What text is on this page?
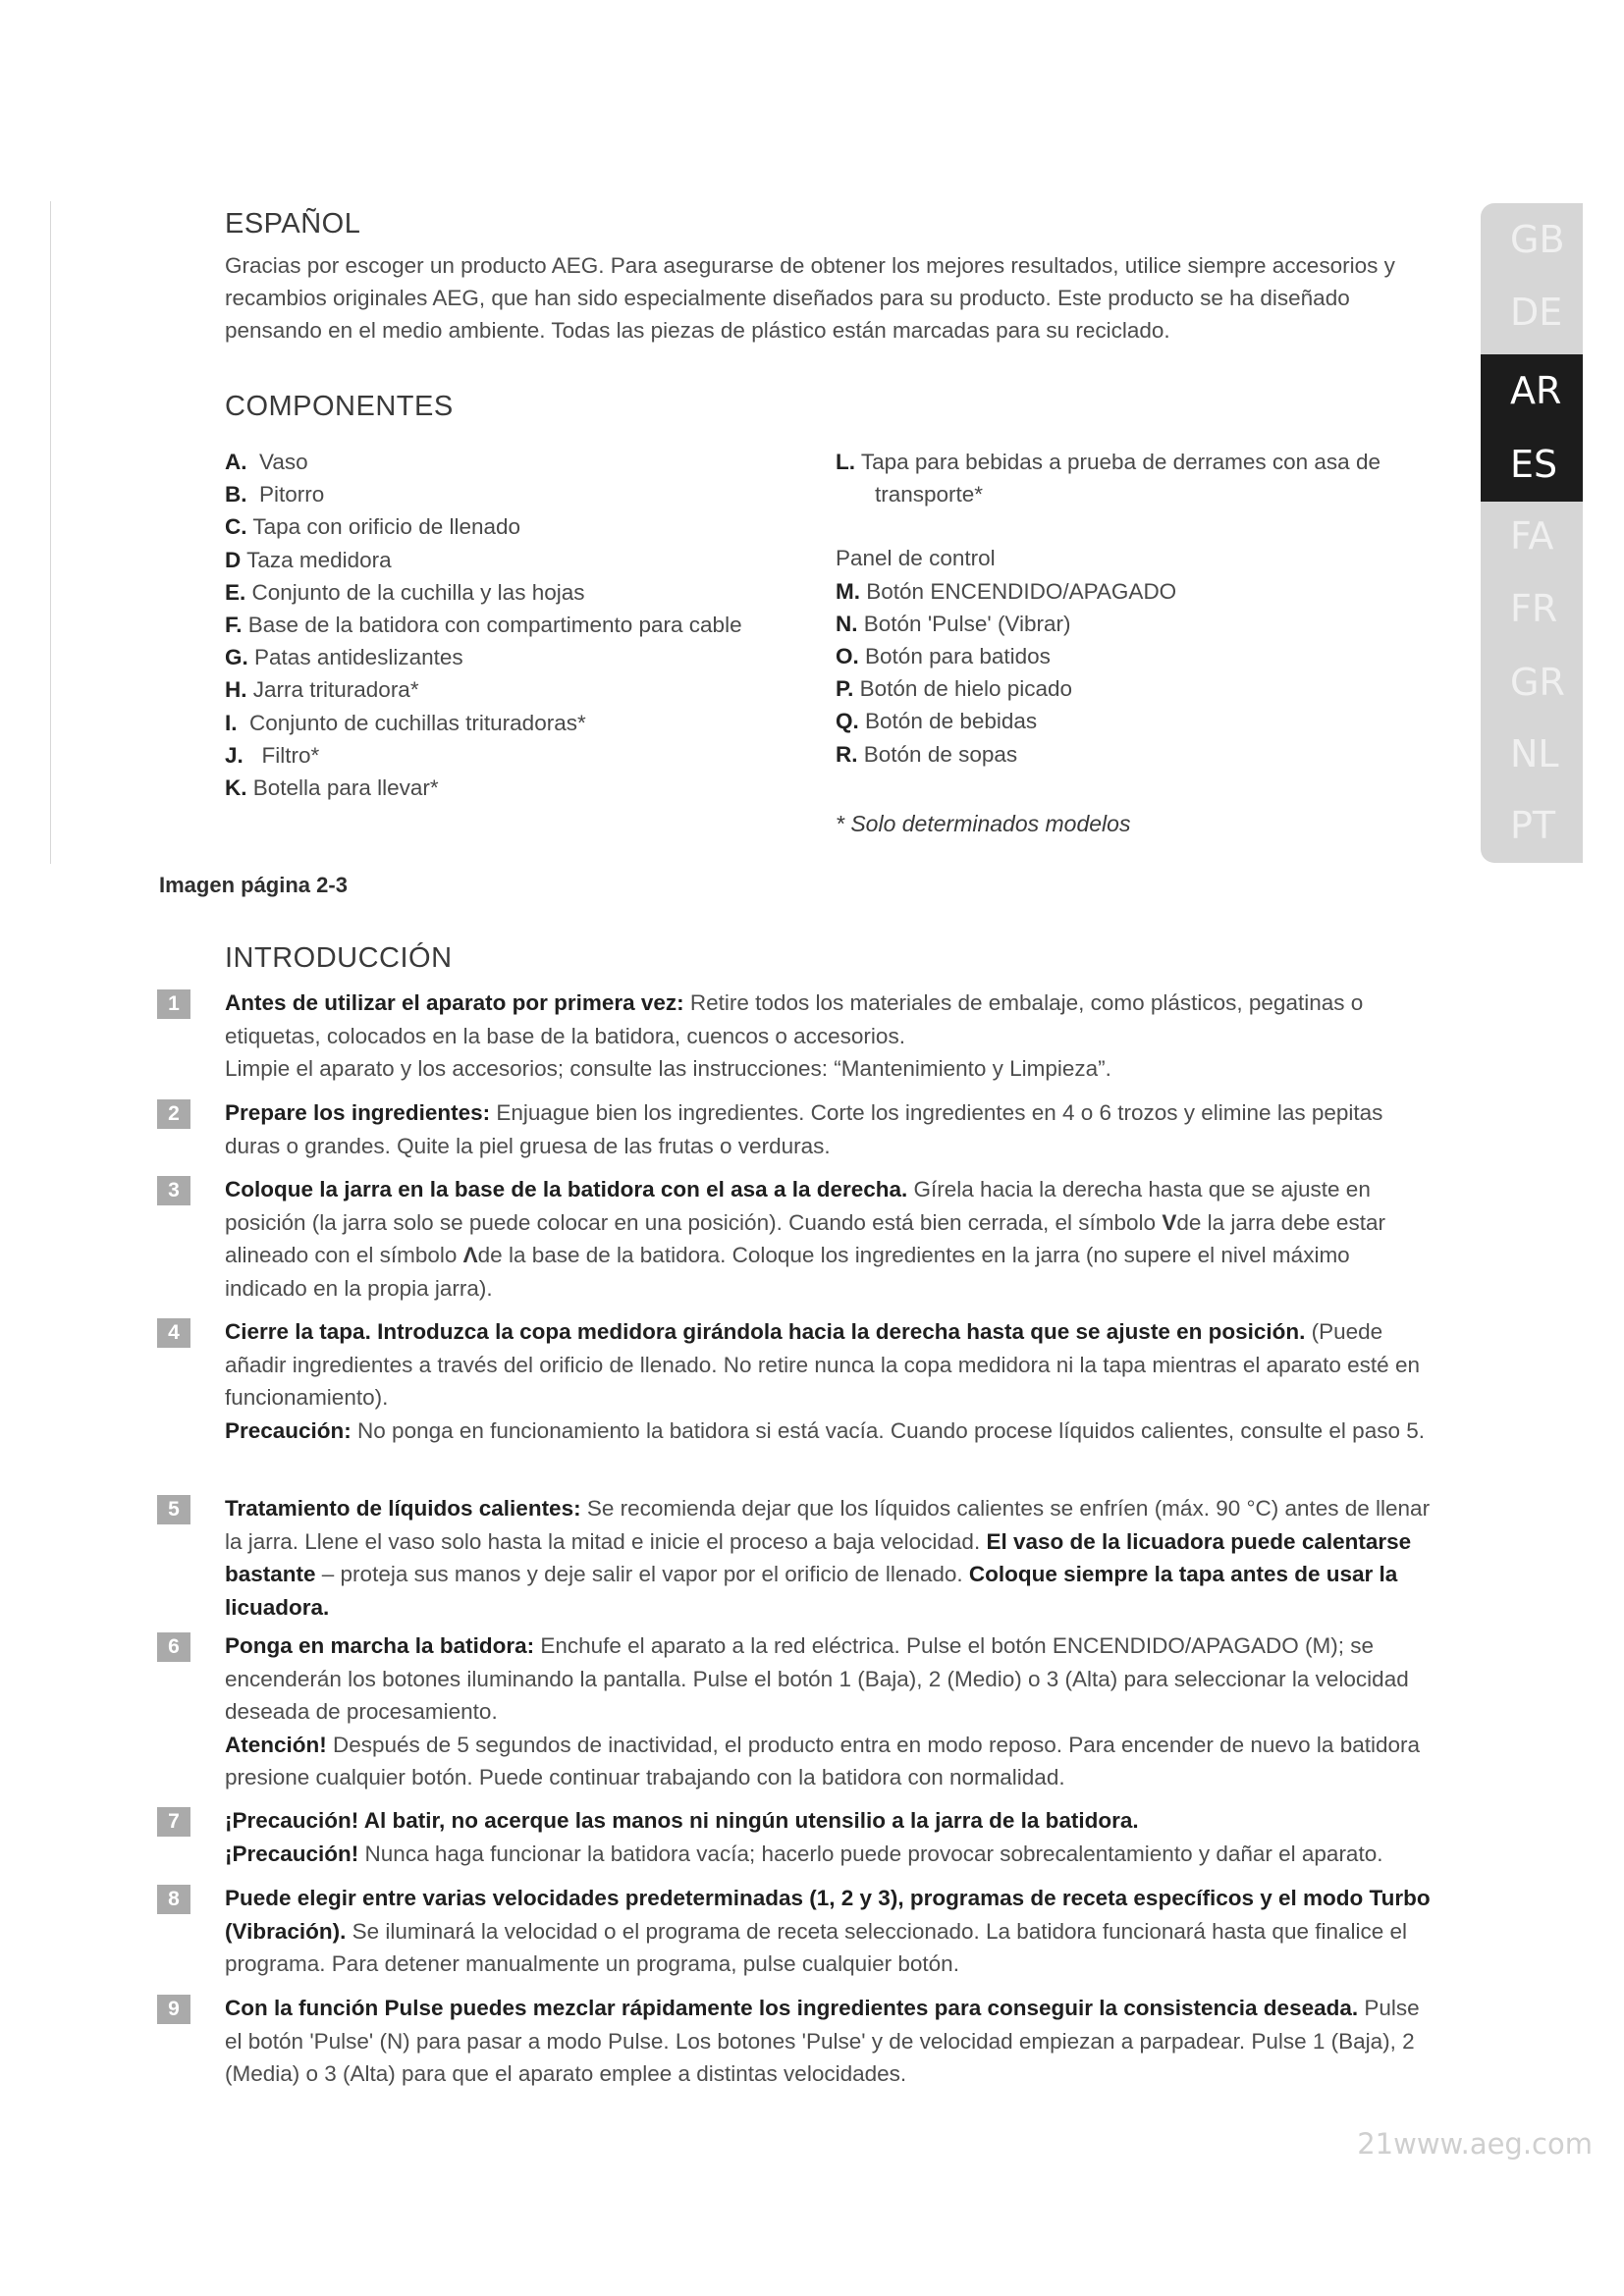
GB
DE
AR
ES
FA
FR
GR
NL
PT
ESPAÑOL
Gracias por escoger un producto AEG. Para asegurarse de obtener los mejores resultados, utilice siempre accesorios y recambios originales AEG, que han sido especialmente diseñados para su producto. Este producto se ha diseñado pensando en el medio ambiente. Todas las piezas de plástico están marcadas para su reciclado.
COMPONENTES
A. Vaso
B. Pitorro
C. Tapa con orificio de llenado
D Taza medidora
E. Conjunto de la cuchilla y las hojas
F. Base de la batidora con compartimento para cable
G. Patas antideslizantes
H. Jarra trituradora*
I. Conjunto de cuchillas trituradoras*
J. Filtro*
K. Botella para llevar*
L. Tapa para bebidas a prueba de derrames con asa de
transporte*
Panel de control
M. Botón ENCENDIDO/APAGADO
N. Botón 'Pulse' (Vibrar)
O. Botón para batidos
P. Botón de hielo picado
Q. Botón de bebidas
R. Botón de sopas
* Solo determinados modelos
Imagen página 2-3
INTRODUCCIÓN
1	Antes de utilizar el aparato por primera vez: Retire todos los materiales de embalaje, como plásticos, pegatinas o etiquetas, colocados en la base de la batidora, cuencos o accesorios.
Limpie el aparato y los accesorios; consulte las instrucciones: “Mantenimiento y Limpieza”.
2	Prepare los ingredientes: Enjuague bien los ingredientes. Corte los ingredientes en 4 o 6 trozos y elimine las pepitas duras o grandes. Quite la piel gruesa de las frutas o verduras.
3	Coloque la jarra en la base de la batidora con el asa a la derecha. Gírela hacia la derecha hasta que se ajuste en posición (la jarra solo se puede colocar en una posición). Cuando está bien cerrada, el símbolo Vde la jarra debe estar alineado con el símbolo Λde la base de la batidora. Coloque los ingredientes en la jarra (no supere el nivel máximo indicado en la propia jarra).
4	Cierre la tapa. Introduzca la copa medidora girándola hacia la derecha hasta que se ajuste en posición. (Puede añadir ingredientes a través del orificio de llenado. No retire nunca la copa medidora ni la tapa mientras el aparato esté en funcionamiento).
Precaución: No ponga en funcionamiento la batidora si está vacía. Cuando procese líquidos calientes, consulte el paso 5.
5	Tratamiento de líquidos calientes: Se recomienda dejar que los líquidos calientes se enfríen (máx. 90 °C) antes de llenar la jarra. Llene el vaso solo hasta la mitad e inicie el proceso a baja velocidad. El vaso de la licuadora puede calentarse bastante – proteja sus manos y deje salir el vapor por el orificio de llenado. Coloque siempre la tapa antes de usar la licuadora.
6	Ponga en marcha la batidora: Enchufe el aparato a la red eléctrica. Pulse el botón ENCENDIDO/APAGADO (M); se encenderán los botones iluminando la pantalla. Pulse el botón 1 (Baja), 2 (Medio) o 3 (Alta) para seleccionar la velocidad deseada de procesamiento.
Atención! Después de 5 segundos de inactividad, el producto entra en modo reposo. Para encender de nuevo la batidora presione cualquier botón. Puede continuar trabajando con la batidora con normalidad.
7	¡Precaución! Al batir, no acerque las manos ni ningún utensilio a la jarra de la batidora.
¡Precaución! Nunca haga funcionar la batidora vacía; hacerlo puede provocar sobrecalentamiento y dañar el aparato.
8	Puede elegir entre varias velocidades predeterminadas (1, 2 y 3), programas de receta específicos y el modo Turbo (Vibración). Se iluminará la velocidad o el programa de receta seleccionado. La batidora funcionará hasta que finalice el programa. Para detener manualmente un programa, pulse cualquier botón.
9	Con la función Pulse puedes mezclar rápidamente los ingredientes para conseguir la consistencia deseada. Pulse el botón 'Pulse' (N) para pasar a modo Pulse. Los botones 'Pulse' y de velocidad empiezan a parpadear. Pulse 1 (Baja), 2 (Media) o 3 (Alta) para que el aparato emplee a distintas velocidades.
21www.aeg.com
